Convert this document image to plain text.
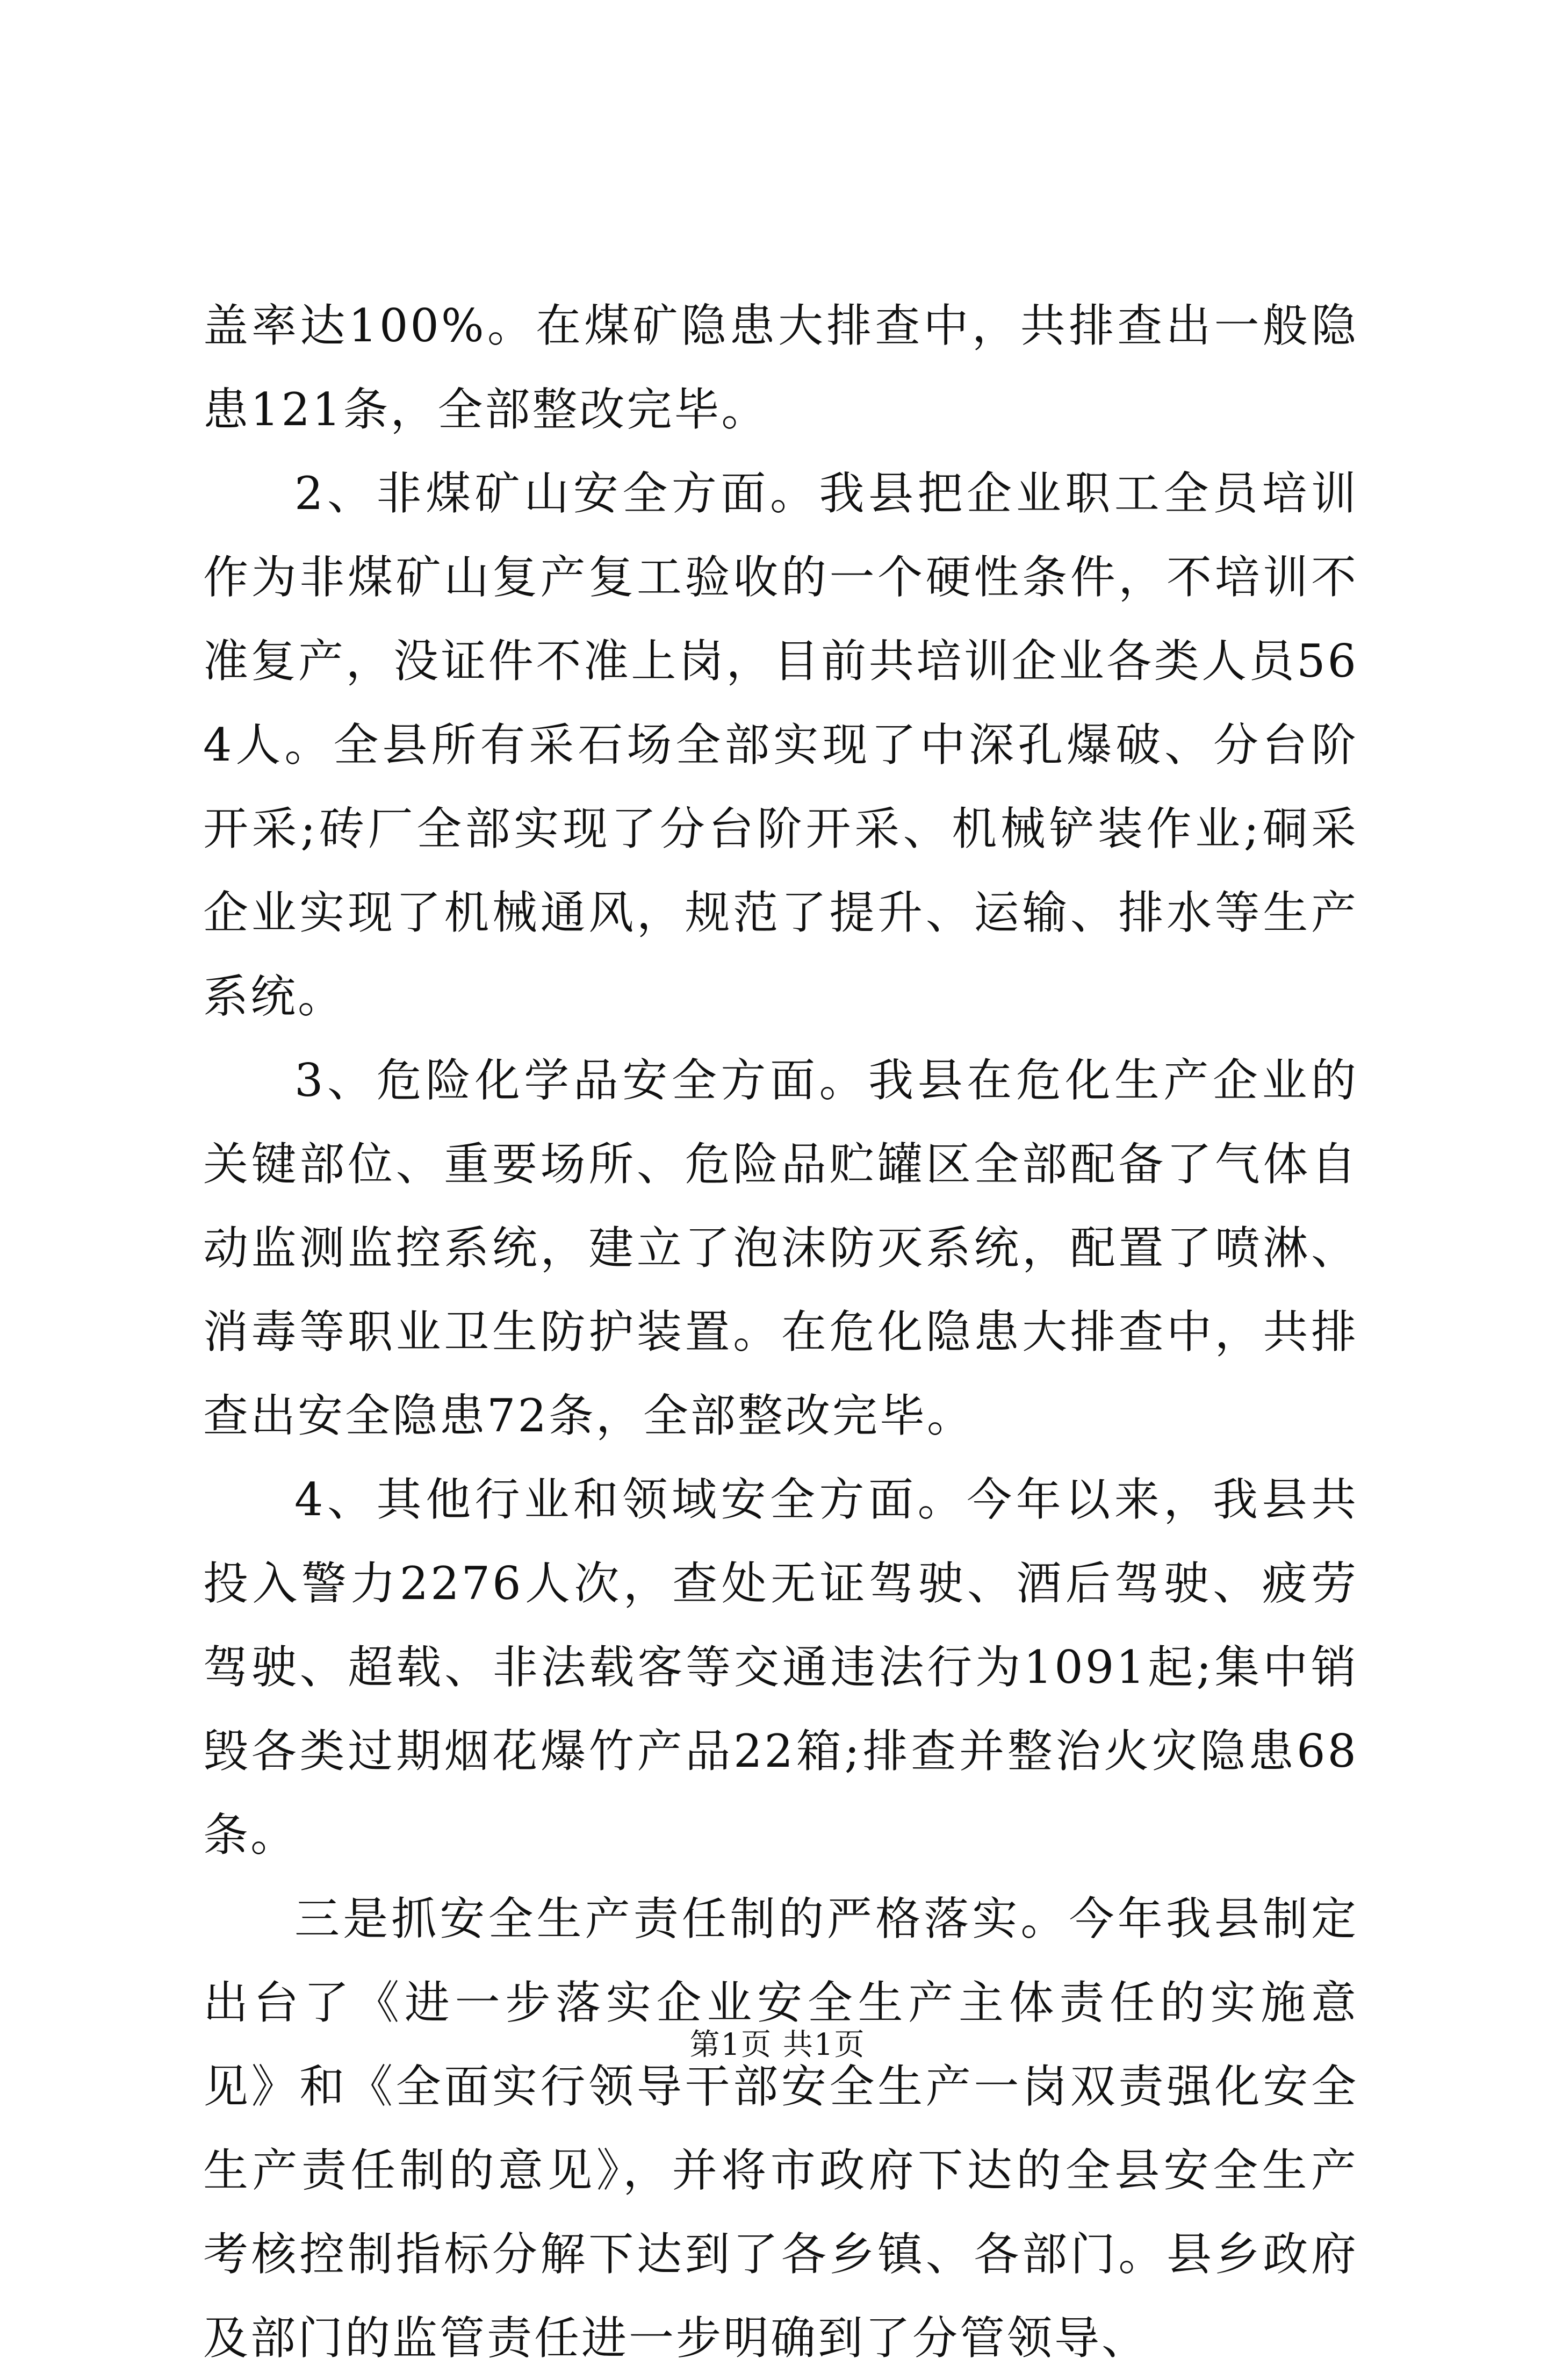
盖率达100%。在煤矿隐患大排查中，共排查出一般隐患121条，全部整改完毕。

2、非煤矿山安全方面。我县把企业职工全员培训作为非煤矿山复产复工验收的一个硬性条件，不培训不准复产，没证件不准上岗，目前共培训企业各类人员564人。全县所有采石场全部实现了中深孔爆破、分台阶开采;砖厂全部实现了分台阶开采、机械铲装作业;硐采企业实现了机械通风，规范了提升、运输、排水等生产系统。

3、危险化学品安全方面。我县在危化生产企业的关键部位、重要场所、危险品贮罐区全部配备了气体自动监测监控系统，建立了泡沫防灭系统，配置了喷淋、消毒等职业卫生防护装置。在危化隐患大排查中，共排查出安全隐患72条，全部整改完毕。

4、其他行业和领域安全方面。今年以来，我县共投入警力2276人次，查处无证驾驶、酒后驾驶、疲劳驾驶、超载、非法载客等交通违法行为1091起;集中销毁各类过期烟花爆竹产品22箱;排查并整治火灾隐患68条。

三是抓安全生产责任制的严格落实。今年我县制定出台了《进一步落实企业安全生产主体责任的实施意见》和《全面实行领导干部安全生产一岗双责强化安全生产责任制的意见》，并将市政府下达的全县安全生产考核控制指标分解下达到了各乡镇、各部门。县乡政府及部门的监管责任进一步明确到了分管领导、

第1页 共1页
